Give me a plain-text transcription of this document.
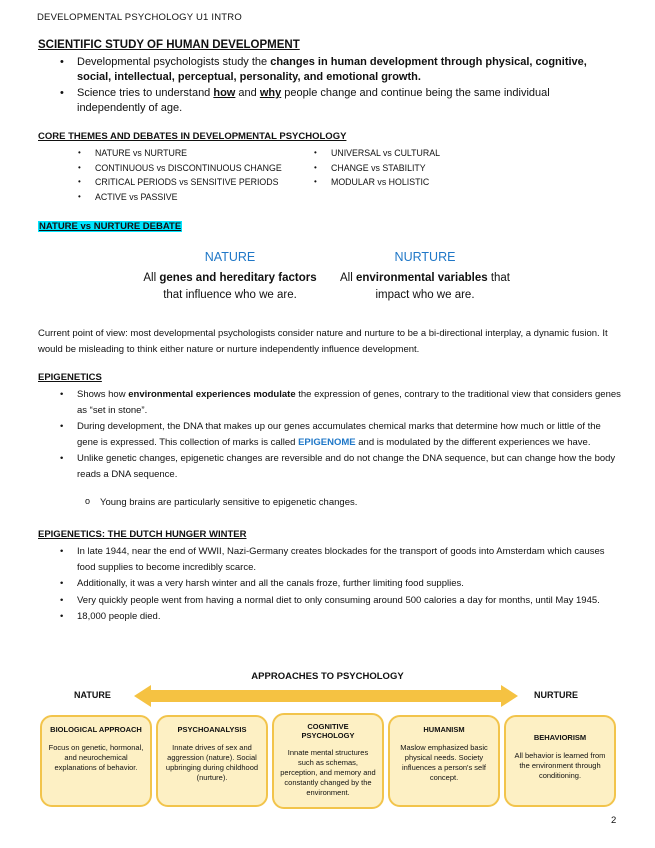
DEVELOPMENTAL PSYCHOLOGY U1 INTRO
SCIENTIFIC STUDY OF HUMAN DEVELOPMENT
• Developmental psychologists study the changes in human development through physical, cognitive, social, intellectual, perceptual, personality, and emotional growth.
• Science tries to understand how and why people change and continue being the same individual independently of age.
CORE THEMES AND DEBATES IN DEVELOPMENTAL PSYCHOLOGY
• NATURE vs NURTURE
• CONTINUOUS vs DISCONTINUOUS CHANGE
• CRITICAL PERIODS vs SENSITIVE PERIODS
• ACTIVE vs PASSIVE
• UNIVERSAL vs CULTURAL
• CHANGE vs STABILITY
• MODULAR vs HOLISTIC
NATURE vs NURTURE DEBATE
NATURE	NURTURE
All genes and hereditary factors
that influence who we are.
All environmental variables that
impact who we are.
Current point of view: most developmental psychologists consider nature and nurture to be a bi-directional interplay, a dynamic fusion. It would be misleading to think either nature or nurture independently influence development.
EPIGENETICS
• Shows how environmental experiences modulate the expression of genes, contrary to the traditional view that considers genes as “set in stone”.
• During development, the DNA that makes up our genes accumulates chemical marks that determine how much or little of the gene is expressed. This collection of marks is called EPIGENOME and is modulated by the different experiences we have.
• Unlike genetic changes, epigenetic changes are reversible and do not change the DNA sequence, but can change how the body reads a DNA sequence.
o Young brains are particularly sensitive to epigenetic changes.
EPIGENETICS: THE DUTCH HUNGER WINTER
• In late 1944, near the end of WWII, Nazi-Germany creates blockades for the transport of goods into Amsterdam which causes food supplies to become incredibly scarce.
• Additionally, it was a very harsh winter and all the canals froze, further limiting food supplies.
• Very quickly people went from having a normal diet to only consuming around 500 calories a day for months, until May 1945.
• 18,000 people died.
APPROACHES TO PSYCHOLOGY
NATURE	NURTURE
BIOLOGICAL APPROACH
Focus on genetic, hormonal, and neurochemical explanations of behavior.
PSYCHOANALYSIS
Innate drives of sex and aggression (nature). Social upbringing during childhood (nurture).
COGNITIVE PSYCHOLOGY
Innate mental structures such as schemas, perception, and memory and constantly changed by the environment.
HUMANISM
Maslow emphasized basic physical needs. Society influences a person's self concept.
BEHAVIORISM
All behavior is learned from the environment through conditioning.
2
